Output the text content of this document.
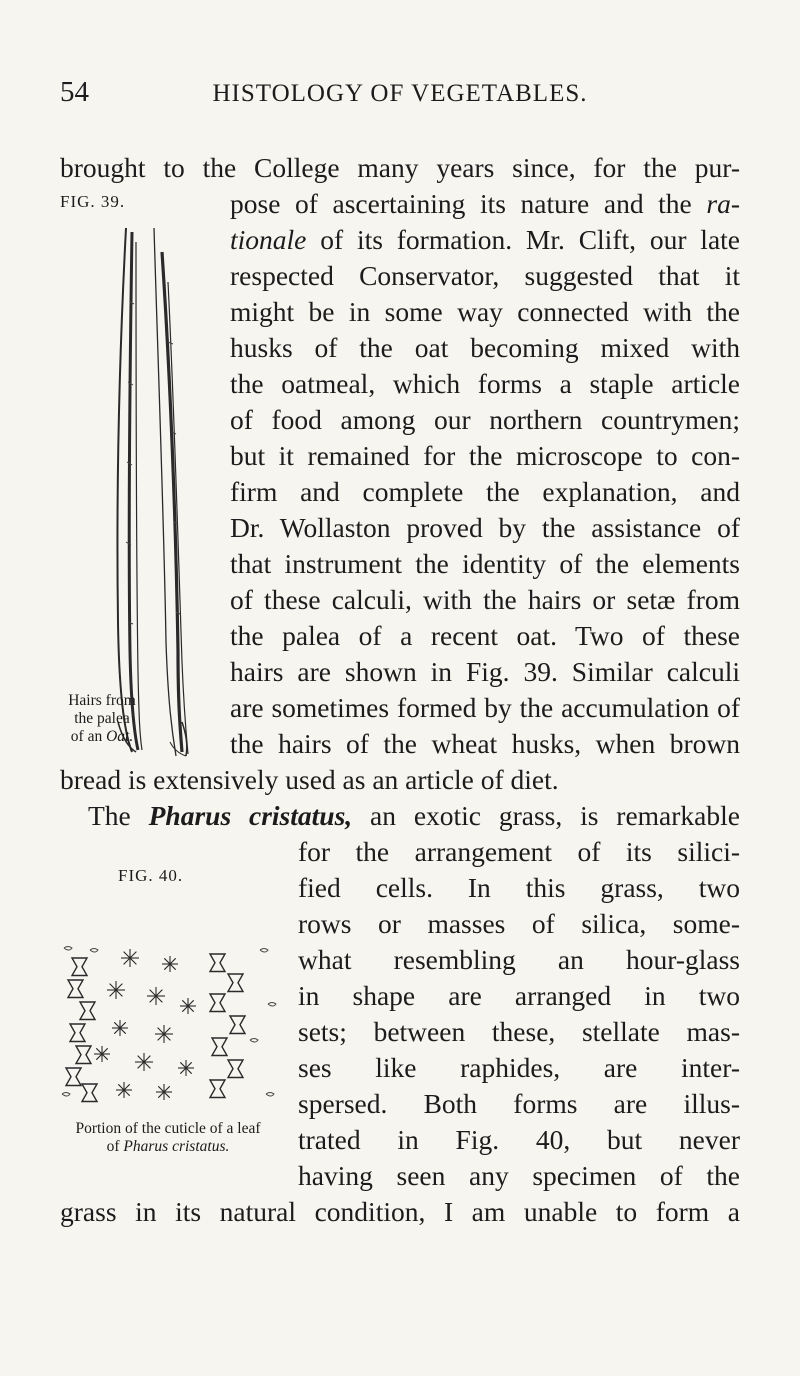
54	HISTOLOGY OF VEGETABLES.
brought to the College many years since, for the pur-
pose of ascertaining its nature and the ra-
tionale of its formation. Mr. Clift, our late
respected Conservator, suggested that it
might be in some way connected with the
husks of the oat becoming mixed with
the oatmeal, which forms a staple article
of food among our northern countrymen;
but it remained for the microscope to con-
firm and complete the explanation, and
Dr. Wollaston proved by the assistance of
that instrument the identity of the elements
of these calculi, with the hairs or setæ from
the palea of a recent oat. Two of these
hairs are shown in Fig. 39. Similar calculi
are sometimes formed by the accumulation of
the hairs of the wheat husks, when brown
bread is extensively used as an article of diet.
The Pharus cristatus, an exotic grass, is remarkable
for the arrangement of its silici-
fied cells. In this grass, two
rows or masses of silica, some-
what resembling an hour-glass
in shape are arranged in two
sets; between these, stellate mas-
ses like raphides, are inter-
spersed. Both forms are illus-
trated in Fig. 40, but never
having seen any specimen of the
grass in its natural condition, I am unable to form a
FIG. 39.
Hairs from
the palea
of an Oat.
FIG. 40.
Portion of the cuticle of a leaf
of Pharus cristatus.
